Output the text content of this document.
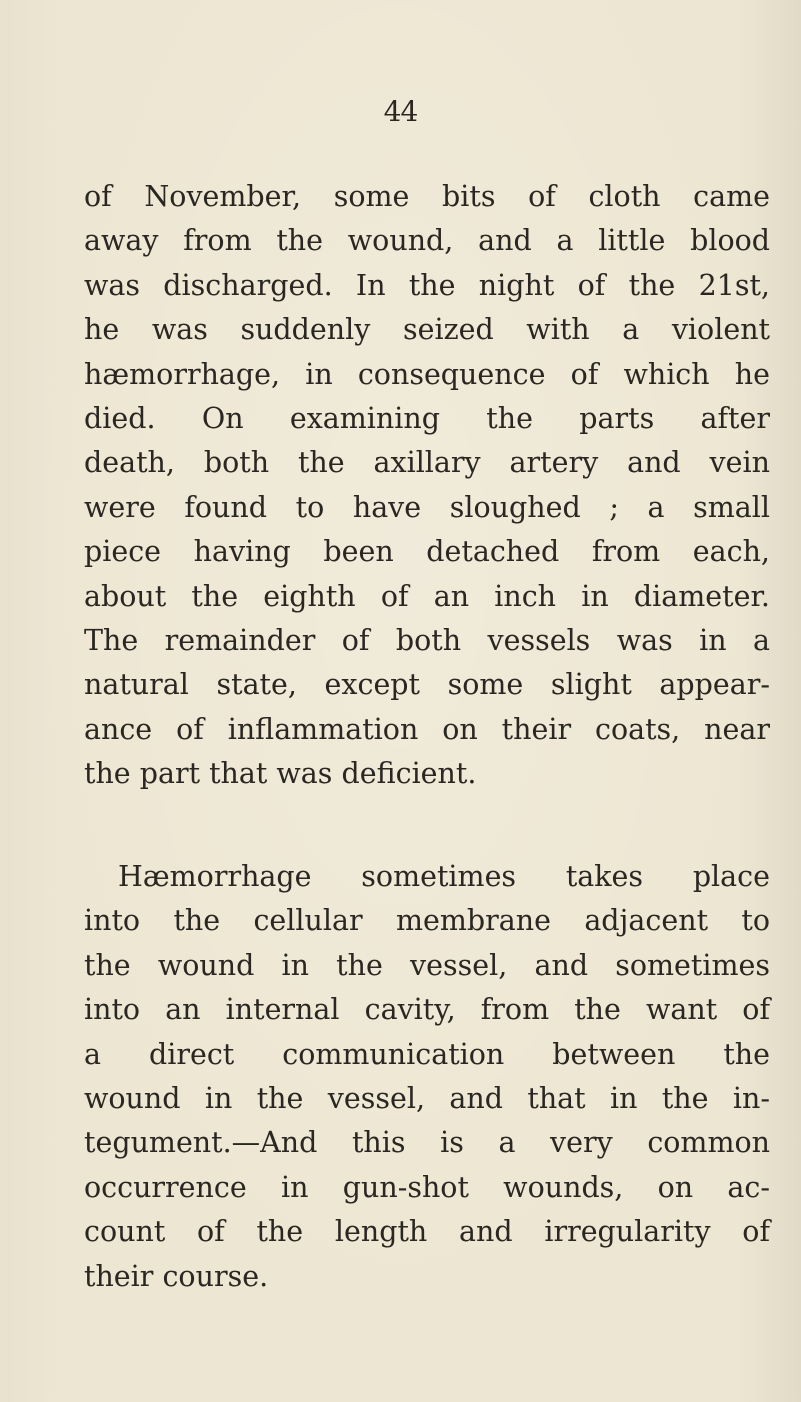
44
of November, some bits of cloth came
away from the wound, and a little blood
was discharged. In the night of the 21st,
he was suddenly seized with a violent
hæmorrhage, in consequence of which he
died. On examining the parts after
death, both the axillary artery and vein
were found to have sloughed ; a small
piece having been detached from each,
about the eighth of an inch in diameter.
The remainder of both vessels was in a
natural state, except some slight appear-
ance of inflammation on their coats, near
the part that was deficient.
Hæmorrhage sometimes takes place
into the cellular membrane adjacent to
the wound in the vessel, and sometimes
into an internal cavity, from the want of
a direct communication between the
wound in the vessel, and that in the in-
tegument.—And this is a very common
occurrence in gun-shot wounds, on ac-
count of the length and irregularity of
their course.
